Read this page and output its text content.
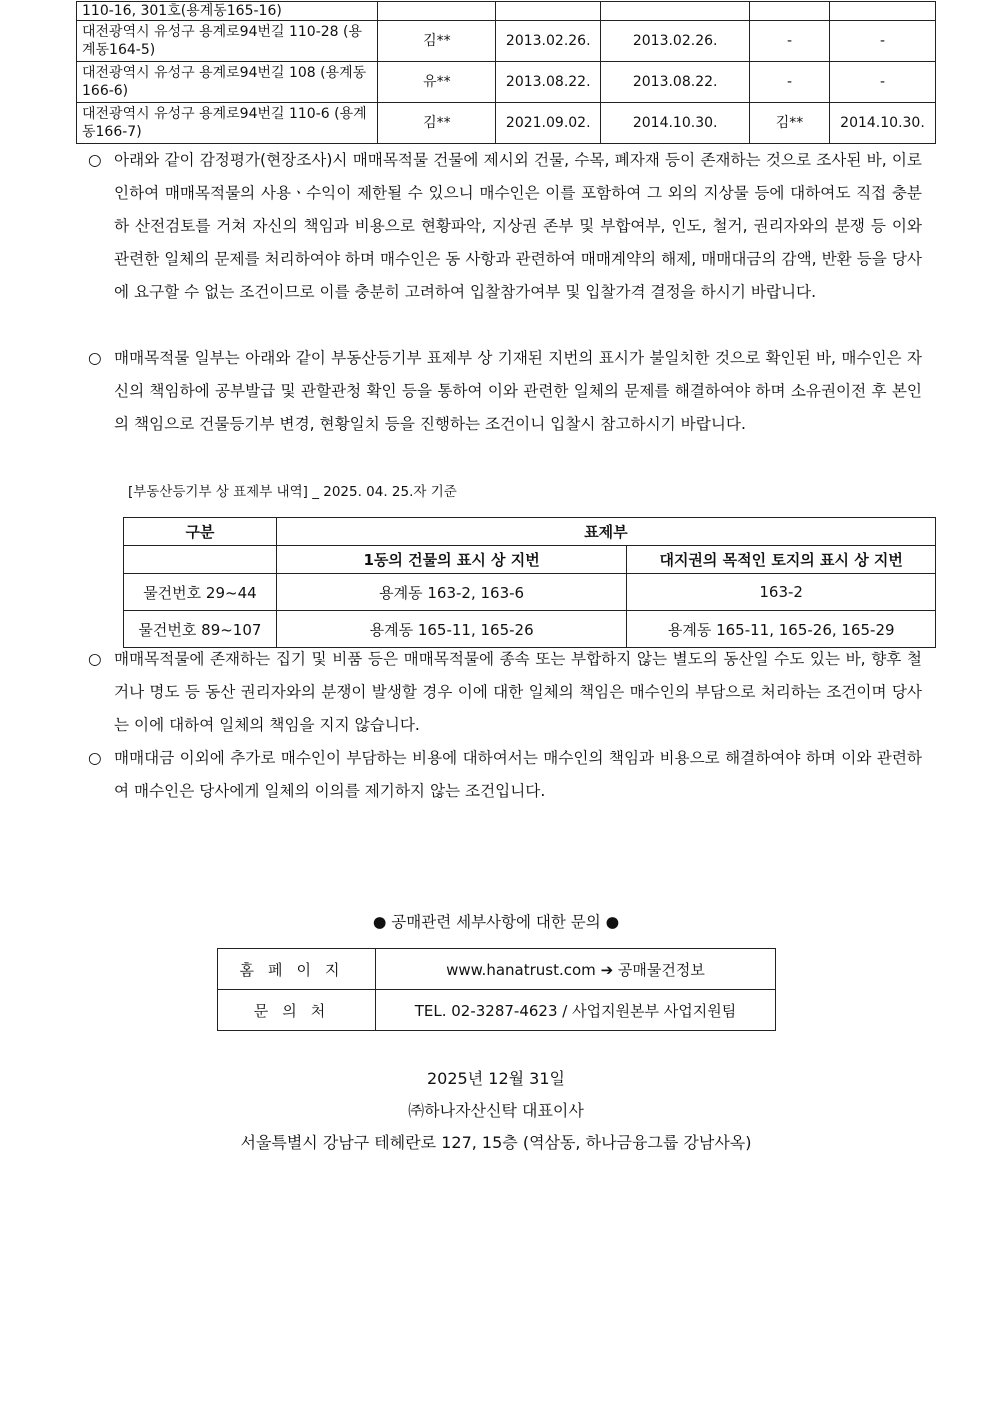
110-16, 301호(용계동165-16)					
대전광역시 유성구 용계로94번길 110-28 (용계동164-5)	김**	2013.02.26.	2013.02.26.	-	-
대전광역시 유성구 용계로94번길 108 (용계동166-6)	유**	2013.08.22.	2013.08.22.	-	-
대전광역시 유성구 용계로94번길 110-6 (용계동166-7)	김**	2021.09.02.	2014.10.30.	김**	2014.10.30.
○ 아래와 같이 감정평가(현장조사)시 매매목적물 건물에 제시외 건물, 수목, 폐자재 등이 존재하는 것으로 조사된 바, 이로 인하여 매매목적물의 사용ㆍ수익이 제한될 수 있으니 매수인은 이를 포함하여 그 외의 지상물 등에 대하여도 직접 충분하 산전검토를 거쳐 자신의 책임과 비용으로 현황파악, 지상권 존부 및 부합여부, 인도, 철거, 권리자와의 분쟁 등 이와 관련한 일체의 문제를 처리하여야 하며 매수인은 동 사항과 관련하여 매매계약의 해제, 매매대금의 감액, 반환 등을 당사에 요구할 수 없는 조건이므로 이를 충분히 고려하여 입찰참가여부 및 입찰가격 결정을 하시기 바랍니다.
○ 매매목적물 일부는 아래와 같이 부동산등기부 표제부 상 기재된 지번의 표시가 불일치한 것으로 확인된 바, 매수인은 자신의 책임하에 공부발급 및 관할관청 확인 등을 통하여 이와 관련한 일체의 문제를 해결하여야 하며 소유권이전 후 본인의 책임으로 건물등기부 변경, 현황일치 등을 진행하는 조건이니 입찰시 참고하시기 바랍니다.
[부동산등기부 상 표제부 내역] _ 2025. 04. 25.자 기준
구분	표제부	
	1동의 건물의 표시 상 지번	대지권의 목적인 토지의 표시 상 지번
물건번호 29~44	용계동 163-2, 163-6	163-2
물건번호 89~107	용계동 165-11, 165-26	용계동 165-11, 165-26, 165-29
○ 매매목적물에 존재하는 집기 및 비품 등은 매매목적물에 종속 또는 부합하지 않는 별도의 동산일 수도 있는 바, 향후 철거나 명도 등 동산 권리자와의 분쟁이 발생할 경우 이에 대한 일체의 책임은 매수인의 부담으로 처리하는 조건이며 당사는 이에 대하여 일체의 책임을 지지 않습니다.
○ 매매대금 이외에 추가로 매수인이 부담하는 비용에 대하여서는 매수인의 책임과 비용으로 해결하여야 하며 이와 관련하여 매수인은 당사에게 일체의 이의를 제기하지 않는 조건입니다.
● 공매관련 세부사항에 대한 문의 ●
홈페이지	www.hanatrust.com ➔ 공매물건정보
문의처	TEL. 02-3287-4623 / 사업지원본부 사업지원팀
2025년 12월 31일
㈜하나자산신탁 대표이사
서울특별시 강남구 테헤란로 127, 15층 (역삼동, 하나금융그룹 강남사옥)
